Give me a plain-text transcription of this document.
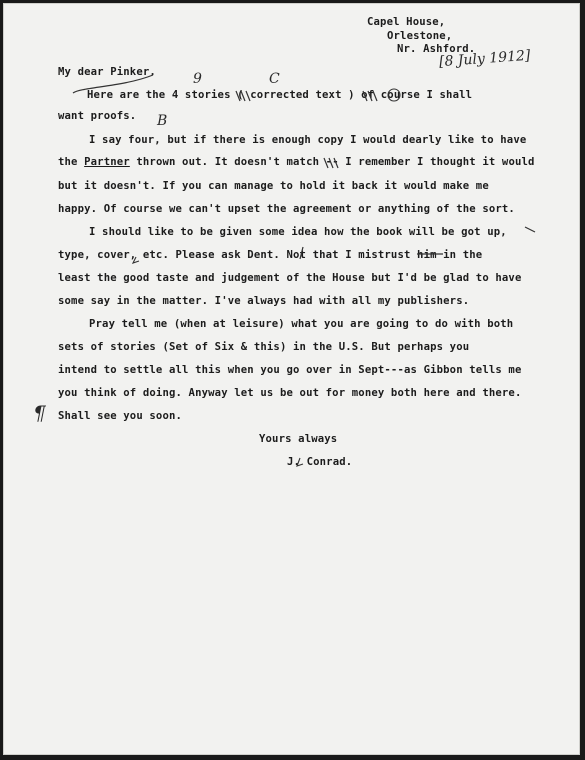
Capel House,
Orlestone,
Nr. Ashford.
[8 July 1912]
My dear Pinker.
Here are the 4 stories ( corrected text ) of course I shall
want proofs.
I say four, but if there is enough copy I would dearly like to have
the Partner thrown out. It doesn't match -- I remember I thought it would
but it doesn't. If you can manage to hold it back it would make me
happy. Of course we can't upset the agreement or anything of the sort.
I should like to be given some idea how the book will be got up,
type, cover, etc. Please ask Dent. Not that I mistrust him in the
least the good taste and judgement of the House but I'd be glad to have
some say in the matter. I've always had with all my publishers.
Pray tell me (when at leisure) what you are going to do with both
sets of stories (Set of Six & this) in the U.S. But perhaps you
intend to settle all this when you go over in Sept---as Gibbon tells me
you think of doing. Anyway let us be out for money both here and there.
Shall see you soon.
Yours always
J. Conrad.
9	C
B
¶
